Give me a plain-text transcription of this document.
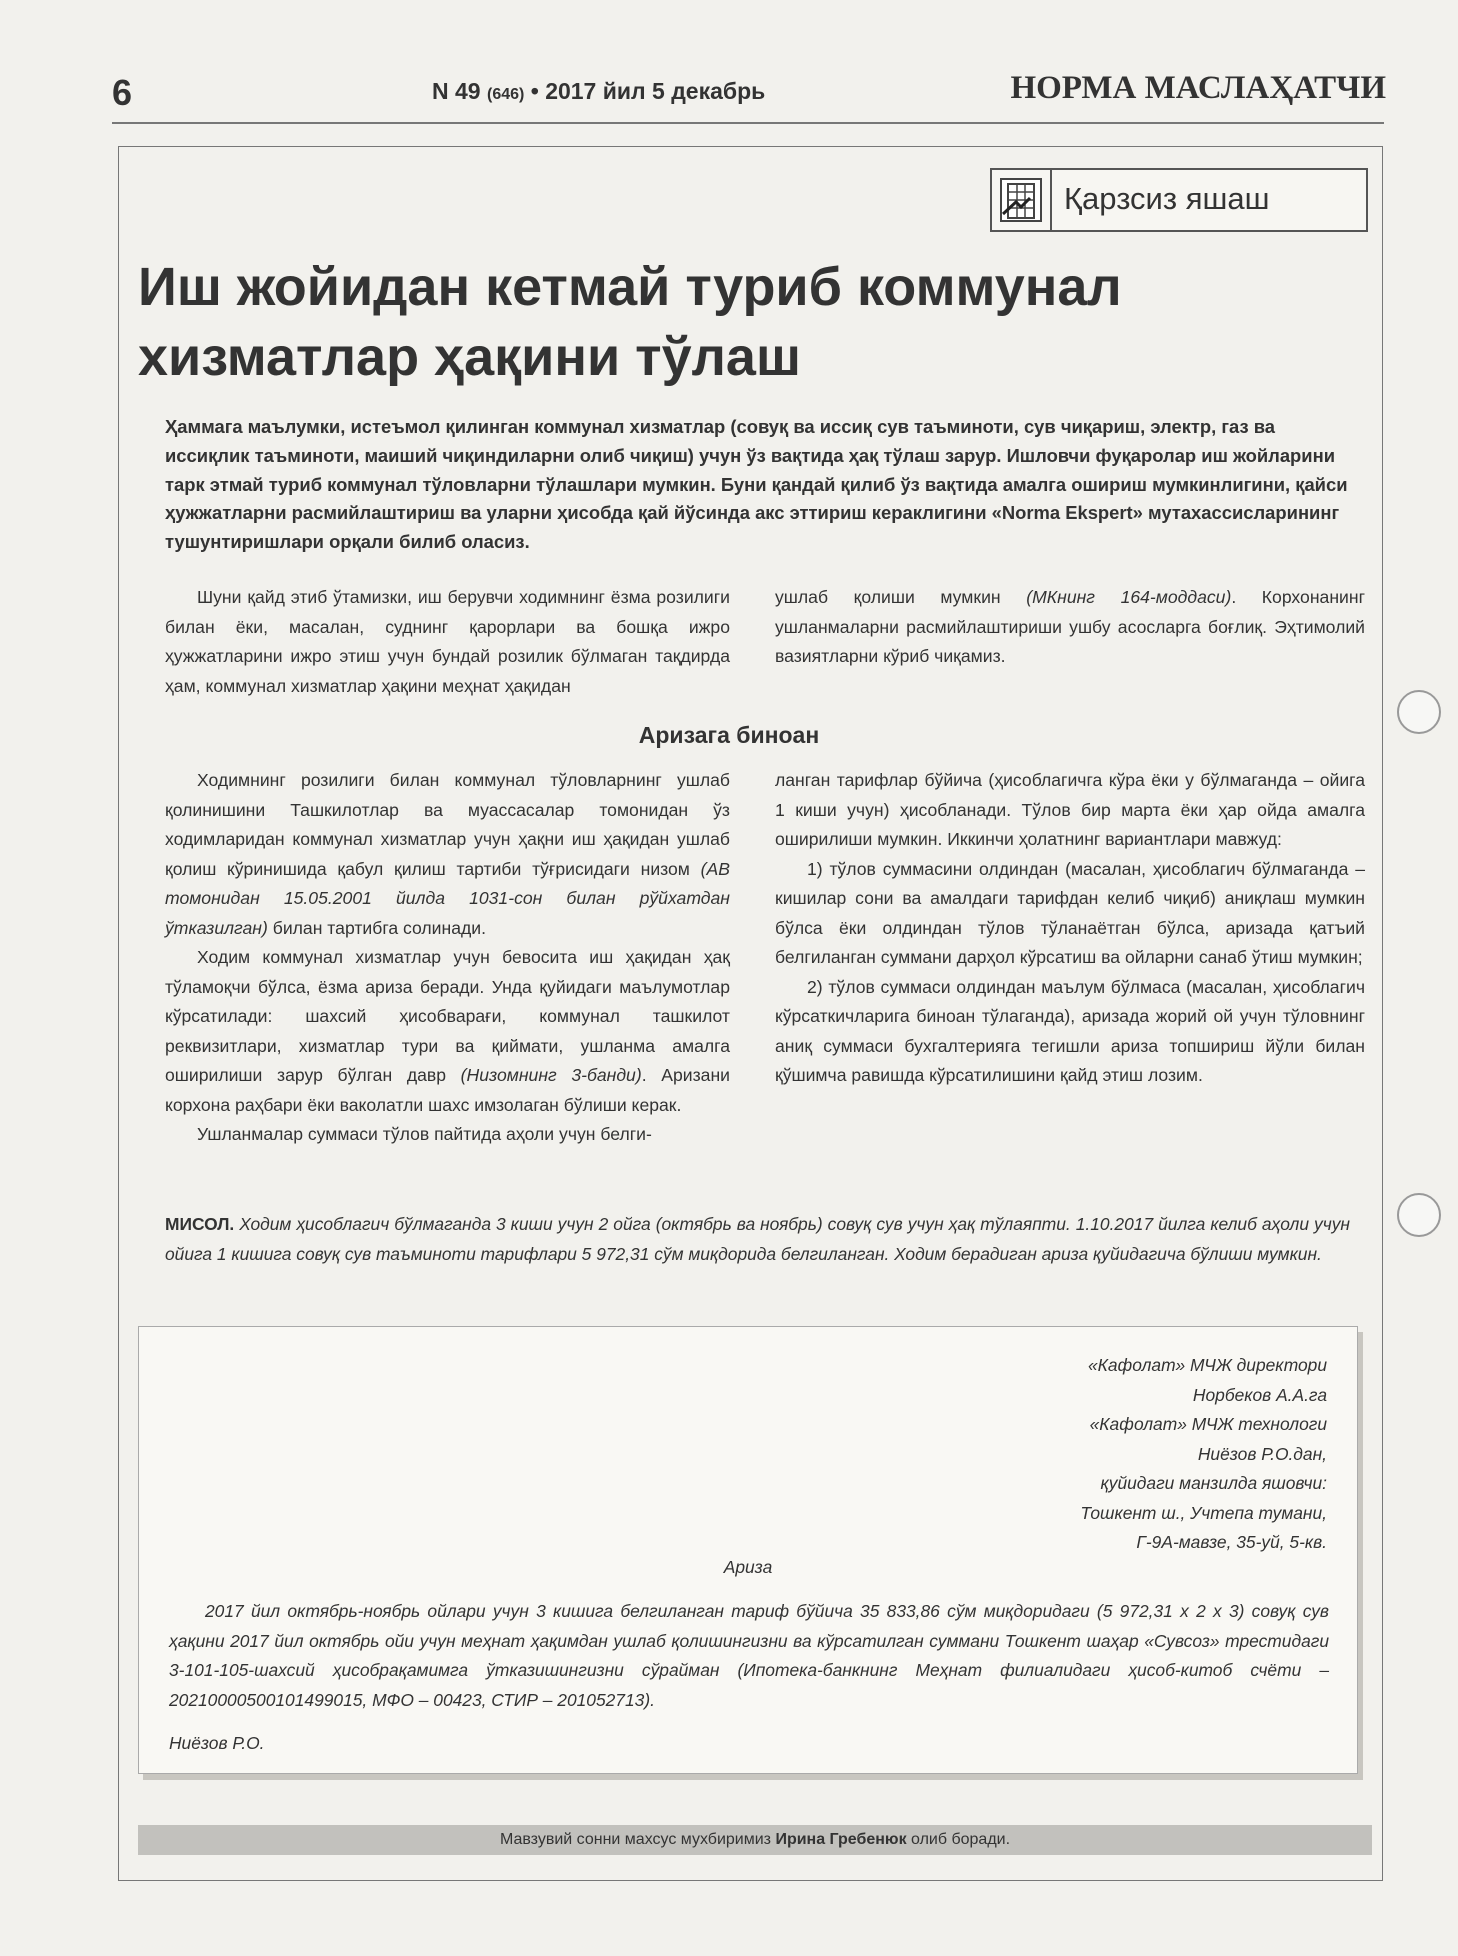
6	N 49 (646) • 2017 йил 5 декабрь	НОРМА МАСЛАҲАТЧИ
Қарзсиз яшаш
Иш жойидан кетмай туриб коммунал
хизматлар ҳақини тўлаш
Ҳаммага маълумки, истеъмол қилинган коммунал хизматлар (совуқ ва иссиқ сув таъминоти, сув чиқариш, электр, газ ва иссиқлик таъминоти, маиший чиқиндиларни олиб чиқиш) учун ўз вақтида ҳақ тўлаш зарур. Ишловчи фуқаролар иш жойларини тарк этмай туриб коммунал тўловларни тўлашлари мумкин. Буни қандай қилиб ўз вақтида амалга ошириш мумкинлигини, қайси ҳужжатларни расмийлаштириш ва уларни ҳисобда қай йўсинда акс эттириш кераклигини «Norma Ekspert» мутахассисларининг тушунтиришлари орқали билиб оласиз.

Шуни қайд этиб ўтамизки, иш берувчи ходимнинг ёзма розилиги билан ёки, масалан, суднинг қарорлари ва бошқа ижро ҳужжатларини ижро этиш учун бундай розилик бўлмаган тақдирда ҳам, коммунал хизматлар ҳақини меҳнат ҳақидан

ушлаб қолиши мумкин (МКнинг 164-моддаси). Корхонанинг ушланмаларни расмийлаштириши ушбу асосларга боғлиқ. Эҳтимолий вазиятларни кўриб чиқамиз.

Аризага биноан

Ходимнинг розилиги билан коммунал тўловларнинг ушлаб қолинишини Ташкилотлар ва муассасалар томонидан ўз ходимларидан коммунал хизматлар учун ҳақни иш ҳақидан ушлаб қолиш кўринишида қабул қилиш тартиби тўғрисидаги низом (АВ томонидан 15.05.2001 йилда 1031-сон билан рўйхатдан ўтказилган) билан тартибга солинади.

Ходим коммунал хизматлар учун бевосита иш ҳақидан ҳақ тўламоқчи бўлса, ёзма ариза беради. Унда қуйидаги маълумотлар кўрсатилади: шахсий ҳисобварағи, коммунал ташкилот реквизитлари, хизматлар тури ва қиймати, ушланма амалга оширилиши зарур бўлган давр (Низомнинг 3-банди). Аризани корхона раҳбари ёки ваколатли шахс имзолаган бўлиши керак.

Ушланмалар суммаси тўлов пайтида аҳоли учун белги-

ланган тарифлар бўйича (ҳисоблагичга кўра ёки у бўлмаганда – ойига 1 киши учун) ҳисобланади. Тўлов бир марта ёки ҳар ойда амалга оширилиши мумкин. Иккинчи ҳолатнинг вариантлари мавжуд:

1) тўлов суммасини олдиндан (масалан, ҳисоблагич бўлмаганда – кишилар сони ва амалдаги тарифдан келиб чиқиб) аниқлаш мумкин бўлса ёки олдиндан тўлов тўланаётган бўлса, аризада қатъий белгиланган суммани дарҳол кўрсатиш ва ойларни санаб ўтиш мумкин;

2) тўлов суммаси олдиндан маълум бўлмаса (масалан, ҳисоблагич кўрсаткичларига биноан тўлаганда), аризада жорий ой учун тўловнинг аниқ суммаси бухгалтерияга тегишли ариза топшириш йўли билан қўшимча равишда кўрсатилишини қайд этиш лозим.

МИСОЛ. Ходим ҳисоблагич бўлмаганда 3 киши учун 2 ойга (октябрь ва ноябрь) совуқ сув учун ҳақ тўлаяпти. 1.10.2017 йилга келиб аҳоли учун ойига 1 кишига совуқ сув таъминоти тарифлари 5 972,31 сўм миқдорида белгиланган. Ходим берадиган ариза қуйидагича бўлиши мумкин.
«Кафолат» МЧЖ директори
Норбеков А.А.га
«Кафолат» МЧЖ технологи
Ниёзов Р.О.дан,
қуйидаги манзилда яшовчи:
Тошкент ш., Учтепа тумани,
Г-9А-мавзе, 35-уй, 5-кв.
Ариза

2017 йил октябрь-ноябрь ойлари учун 3 кишига белгиланган тариф бўйича 35 833,86 сўм миқдоридаги (5 972,31 х 2 х 3) совуқ сув ҳақини 2017 йил октябрь ойи учун меҳнат ҳақимдан ушлаб қолишингизни ва кўрсатилган суммани Тошкент шаҳар «Сувсоз» трестидаги 3-101-105-шахсий ҳисобрақамимга ўтказишингизни сўрайман (Ипотека-банкнинг Меҳнат филиалидаги ҳисоб-китоб счёти – 20210000500101499015, МФО – 00423, СТИР – 201052713).

Ниёзов Р.О.
Мавзувий сонни махсус мухбиримиз Ирина Гребенюк олиб боради.
